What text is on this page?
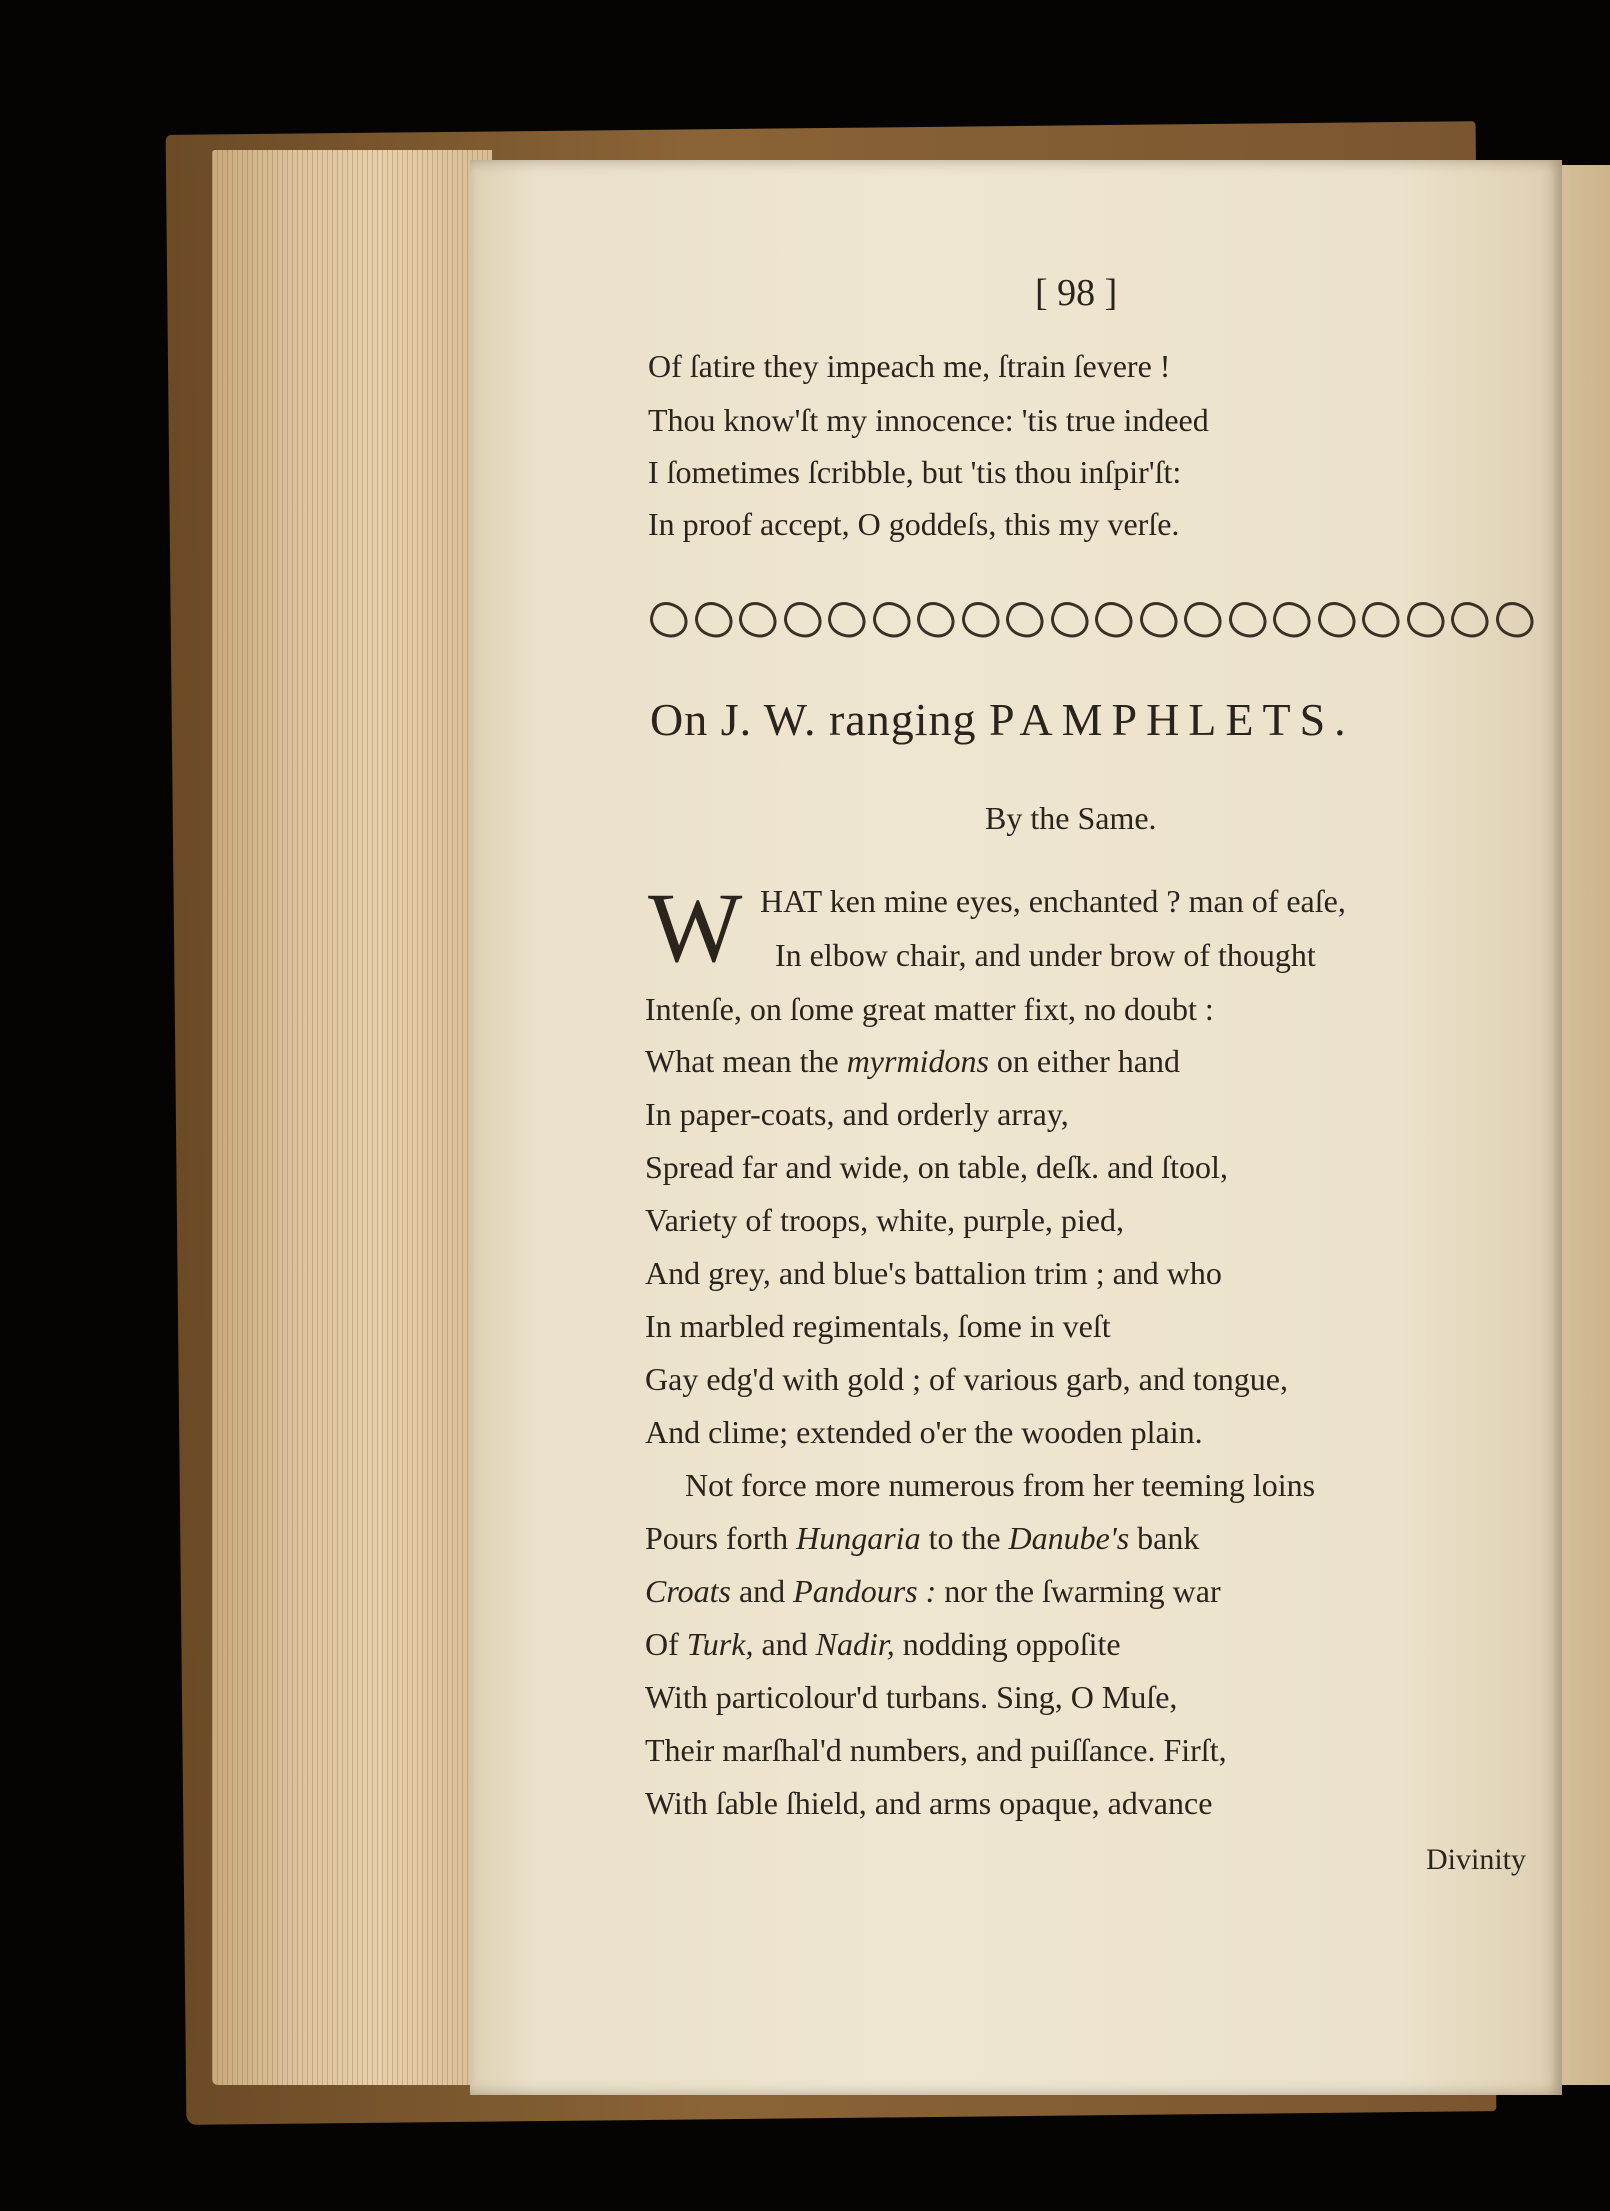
[ 98 ]
Of ſatire they impeach me, ſtrain ſevere !
Thou know'ſt my innocence: 'tis true indeed
I ſometimes ſcribble, but 'tis thou inſpir'ſt:
In proof accept, O goddeſs, this my verſe.
On J. W. ranging PAMPHLETS.
By the Same.
W HAT ken mine eyes, enchanted ? man of eaſe,
In elbow chair, and under brow of thought
Intenſe, on ſome great matter fixt, no doubt :
What mean the myrmidons on either hand
In paper-coats, and orderly array,
Spread far and wide, on table, deſk. and ſtool,
Variety of troops, white, purple, pied,
And grey, and blue's battalion trim ; and who
In marbled regimentals, ſome in veſt
Gay edg'd with gold ; of various garb, and tongue,
And clime; extended o'er the wooden plain.
Not force more numerous from her teeming loins
Pours forth Hungaria to the Danube's bank
Croats and Pandours : nor the ſwarming war
Of Turk, and Nadir, nodding oppoſite
With particolour'd turbans. Sing, O Muſe,
Their marſhal'd numbers, and puiſſance. Firſt,
With ſable ſhield, and arms opaque, advance
Divinity
